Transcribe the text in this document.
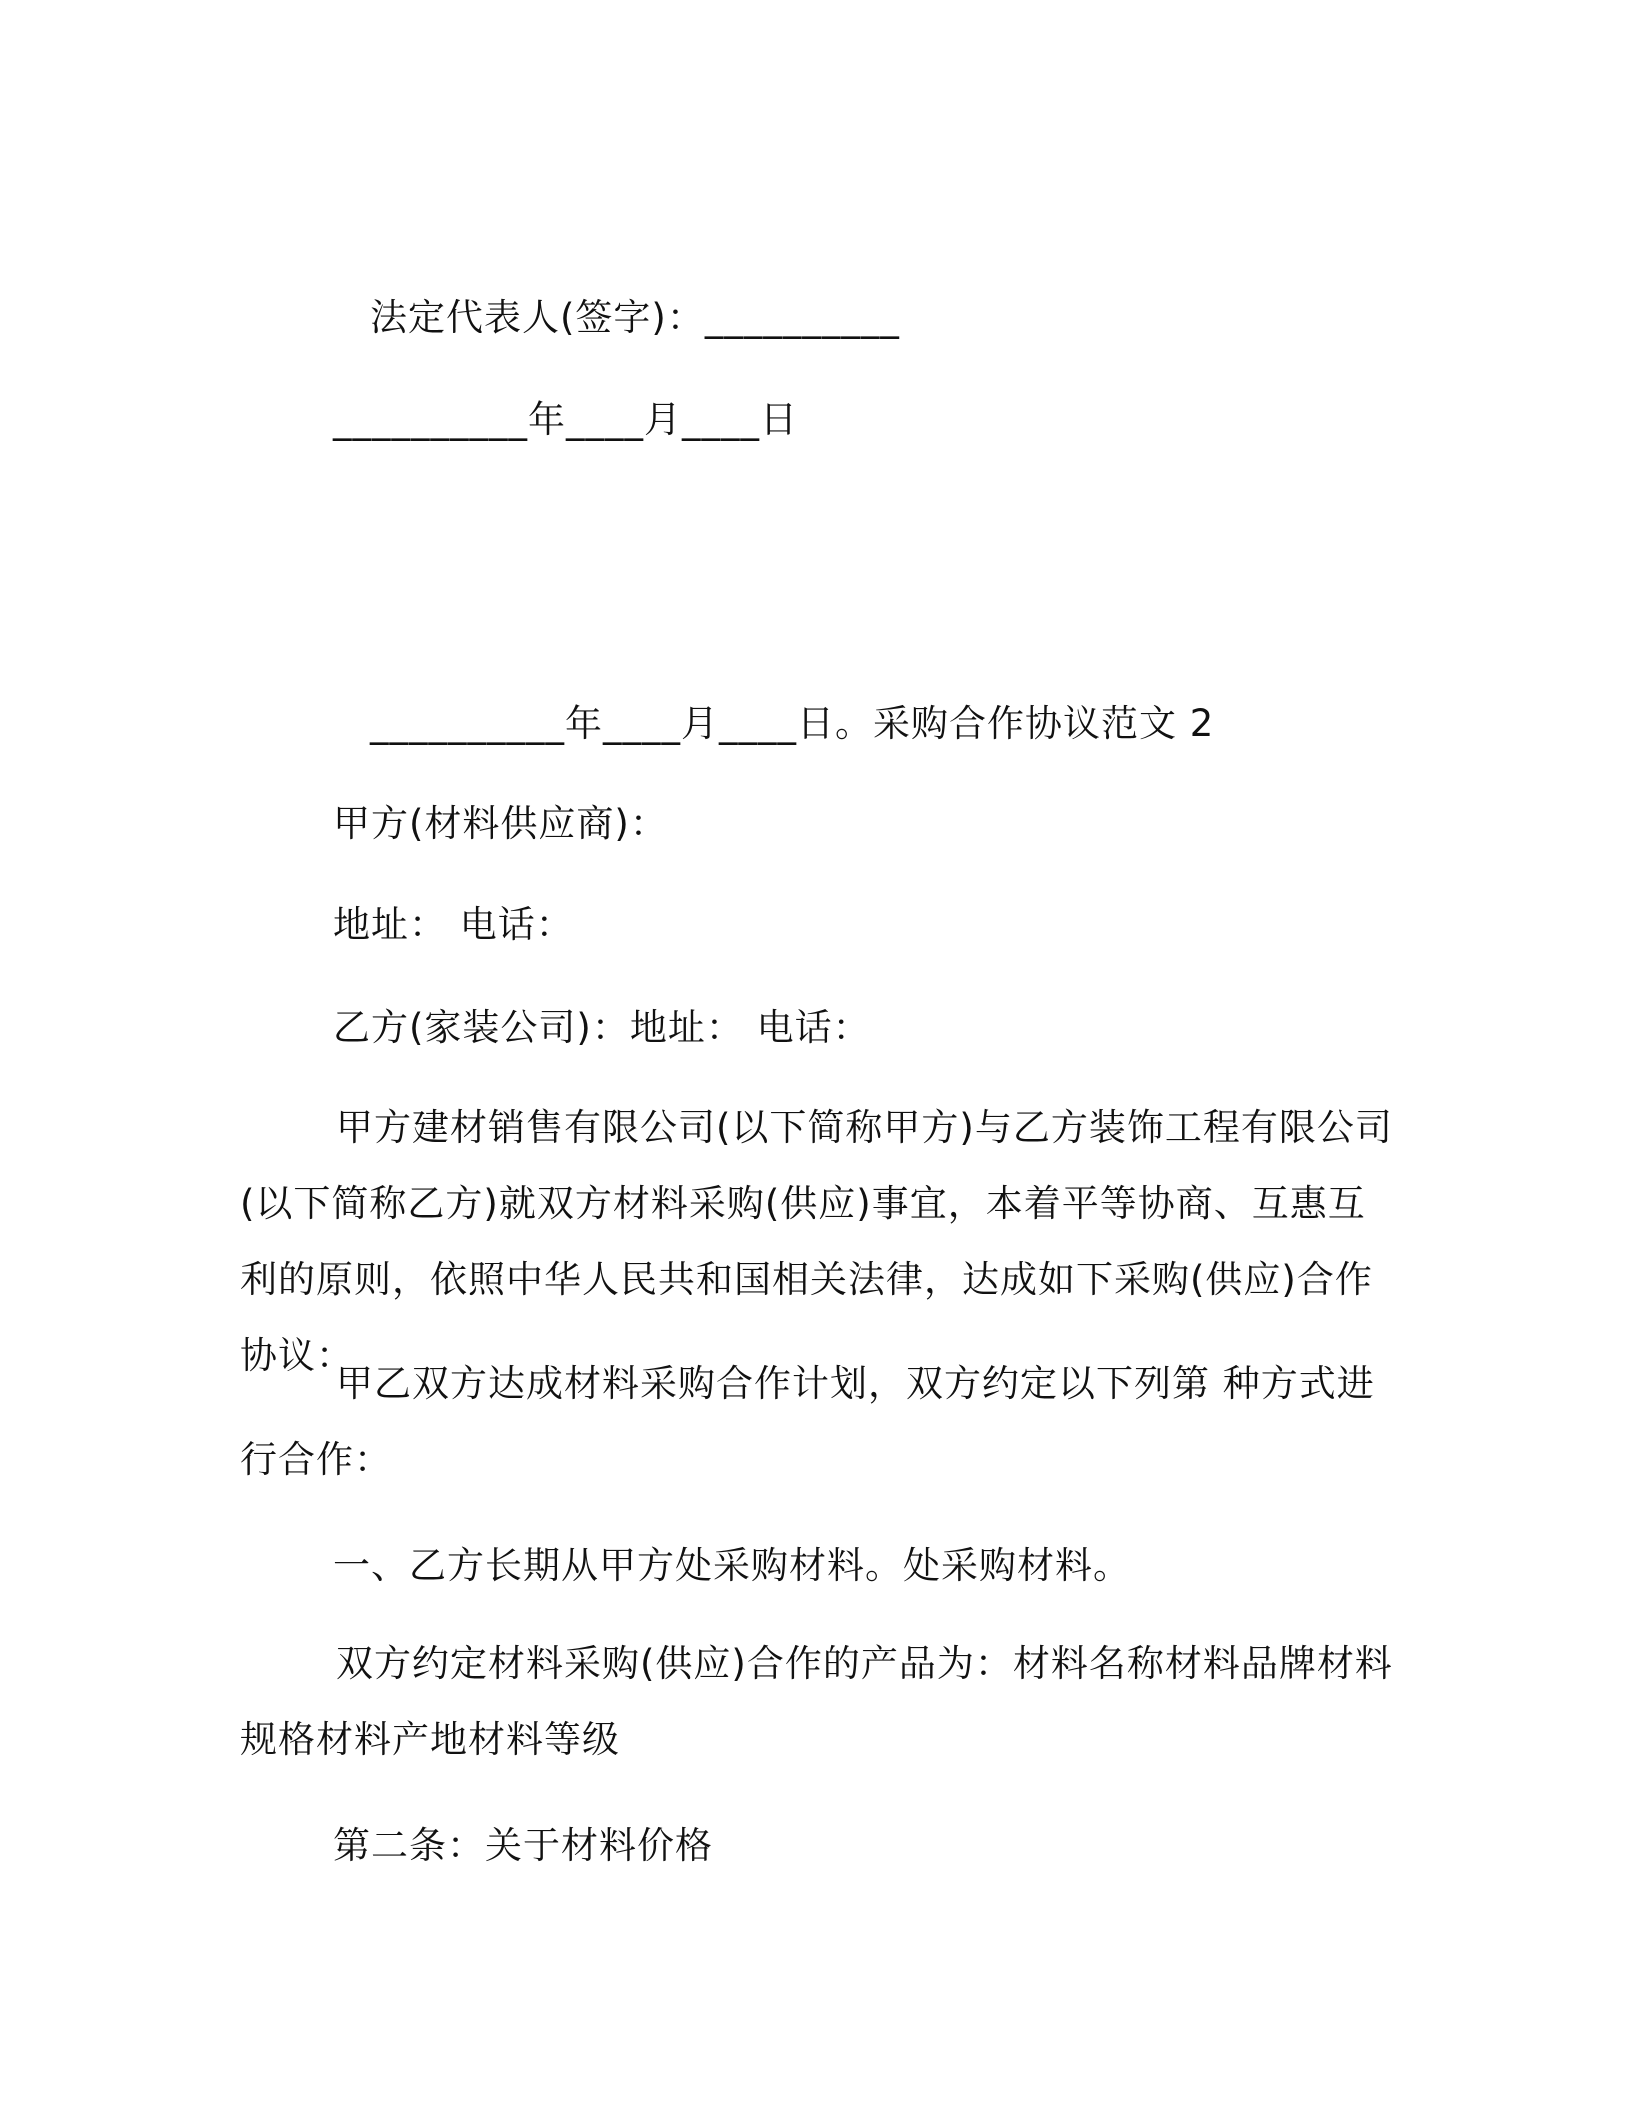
法定代表人(签字)：__________
__________年____月____日
__________年____月____日。采购合作协议范文 2
甲方(材料供应商)：
地址： 电话：
乙方(家装公司)：地址： 电话：
甲方建材销售有限公司(以下简称甲方)与乙方装饰工程有限公司(以下简称乙方)就双方材料采购(供应)事宜，本着平等协商、互惠互利的原则，依照中华人民共和国相关法律，达成如下采购(供应)合作协议：
甲乙双方达成材料采购合作计划，双方约定以下列第 种方式进行合作：
一、乙方长期从甲方处采购材料。处采购材料。
双方约定材料采购(供应)合作的产品为：材料名称材料品牌材料规格材料产地材料等级
第二条：关于材料价格
